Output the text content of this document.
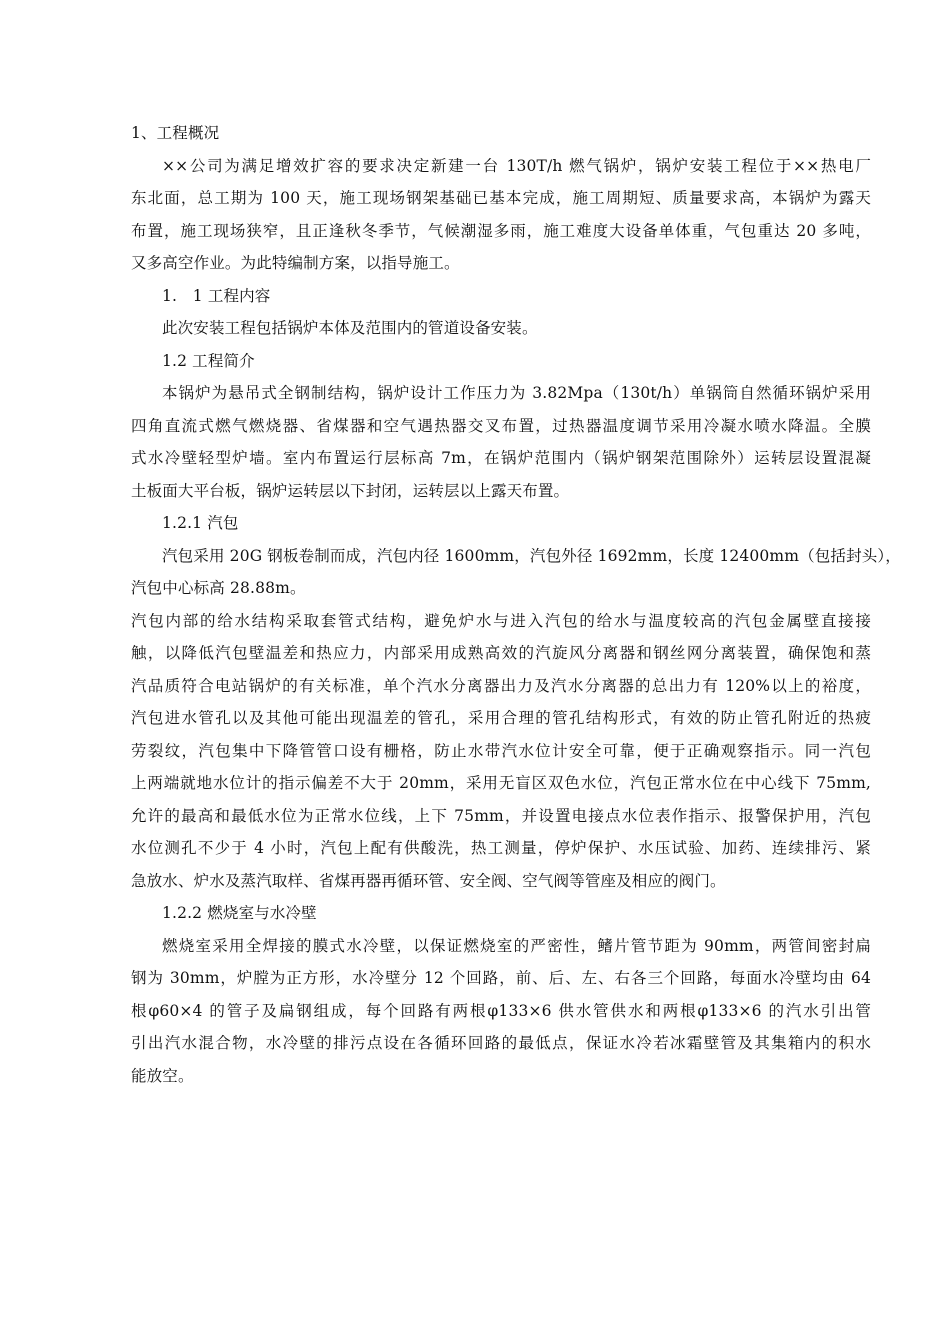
1、工程概况
××公司为满足增效扩容的要求决定新建一台 130T/h 燃气锅炉，锅炉安装工程位于××热电厂
东北面，总工期为 100 天，施工现场钢架基础已基本完成，施工周期短、质量要求高，本锅炉为露天
布置，施工现场狭窄，且正逢秋冬季节，气候潮湿多雨，施工难度大设备单体重，气包重达 20 多吨，
又多高空作业。为此特编制方案，以指导施工。
1.　1 工程内容
此次安装工程包括锅炉本体及范围内的管道设备安装。
1.2 工程简介
本锅炉为悬吊式全钢制结构，锅炉设计工作压力为 3.82Mpa（130t/h）单锅筒自然循环锅炉采用
四角直流式燃气燃烧器、省煤器和空气遇热器交叉布置，过热器温度调节采用冷凝水喷水降温。全膜
式水冷壁轻型炉墙。室内布置运行层标高 7m，在锅炉范围内（锅炉钢架范围除外）运转层设置混凝
土板面大平台板，锅炉运转层以下封闭，运转层以上露天布置。
1.2.1 汽包
汽包采用 20G 钢板卷制而成，汽包内径 1600mm，汽包外径 1692mm，长度 12400mm（包括封头），
汽包中心标高 28.88m。
汽包内部的给水结构采取套管式结构，避免炉水与进入汽包的给水与温度较高的汽包金属壁直接接
触，以降低汽包壁温差和热应力，内部采用成熟高效的汽旋风分离器和钢丝网分离装置，确保饱和蒸
汽品质符合电站锅炉的有关标准，单个汽水分离器出力及汽水分离器的总出力有 120%以上的裕度，
汽包进水管孔以及其他可能出现温差的管孔，采用合理的管孔结构形式，有效的防止管孔附近的热疲
劳裂纹，汽包集中下降管管口设有栅格，防止水带汽水位计安全可靠，便于正确观察指示。同一汽包
上两端就地水位计的指示偏差不大于 20mm，采用无盲区双色水位，汽包正常水位在中心线下 75mm,
允许的最高和最低水位为正常水位线，上下 75mm，并设置电接点水位表作指示、报警保护用，汽包
水位测孔不少于 4 小时，汽包上配有供酸洗，热工测量，停炉保护、水压试验、加药、连续排污、紧
急放水、炉水及蒸汽取样、省煤再器再循环管、安全阀、空气阀等管座及相应的阀门。
1.2.2 燃烧室与水冷壁
燃烧室采用全焊接的膜式水冷壁，以保证燃烧室的严密性，鳍片管节距为 90mm，两管间密封扁
钢为 30mm，炉膛为正方形，水冷壁分 12 个回路，前、后、左、右各三个回路，每面水冷壁均由 64
根φ60×4 的管子及扁钢组成，每个回路有两根φ133×6 供水管供水和两根φ133×6 的汽水引出管
引出汽水混合物，水冷壁的排污点设在各循环回路的最低点，保证水冷若冰霜壁管及其集箱内的积水
能放空。
